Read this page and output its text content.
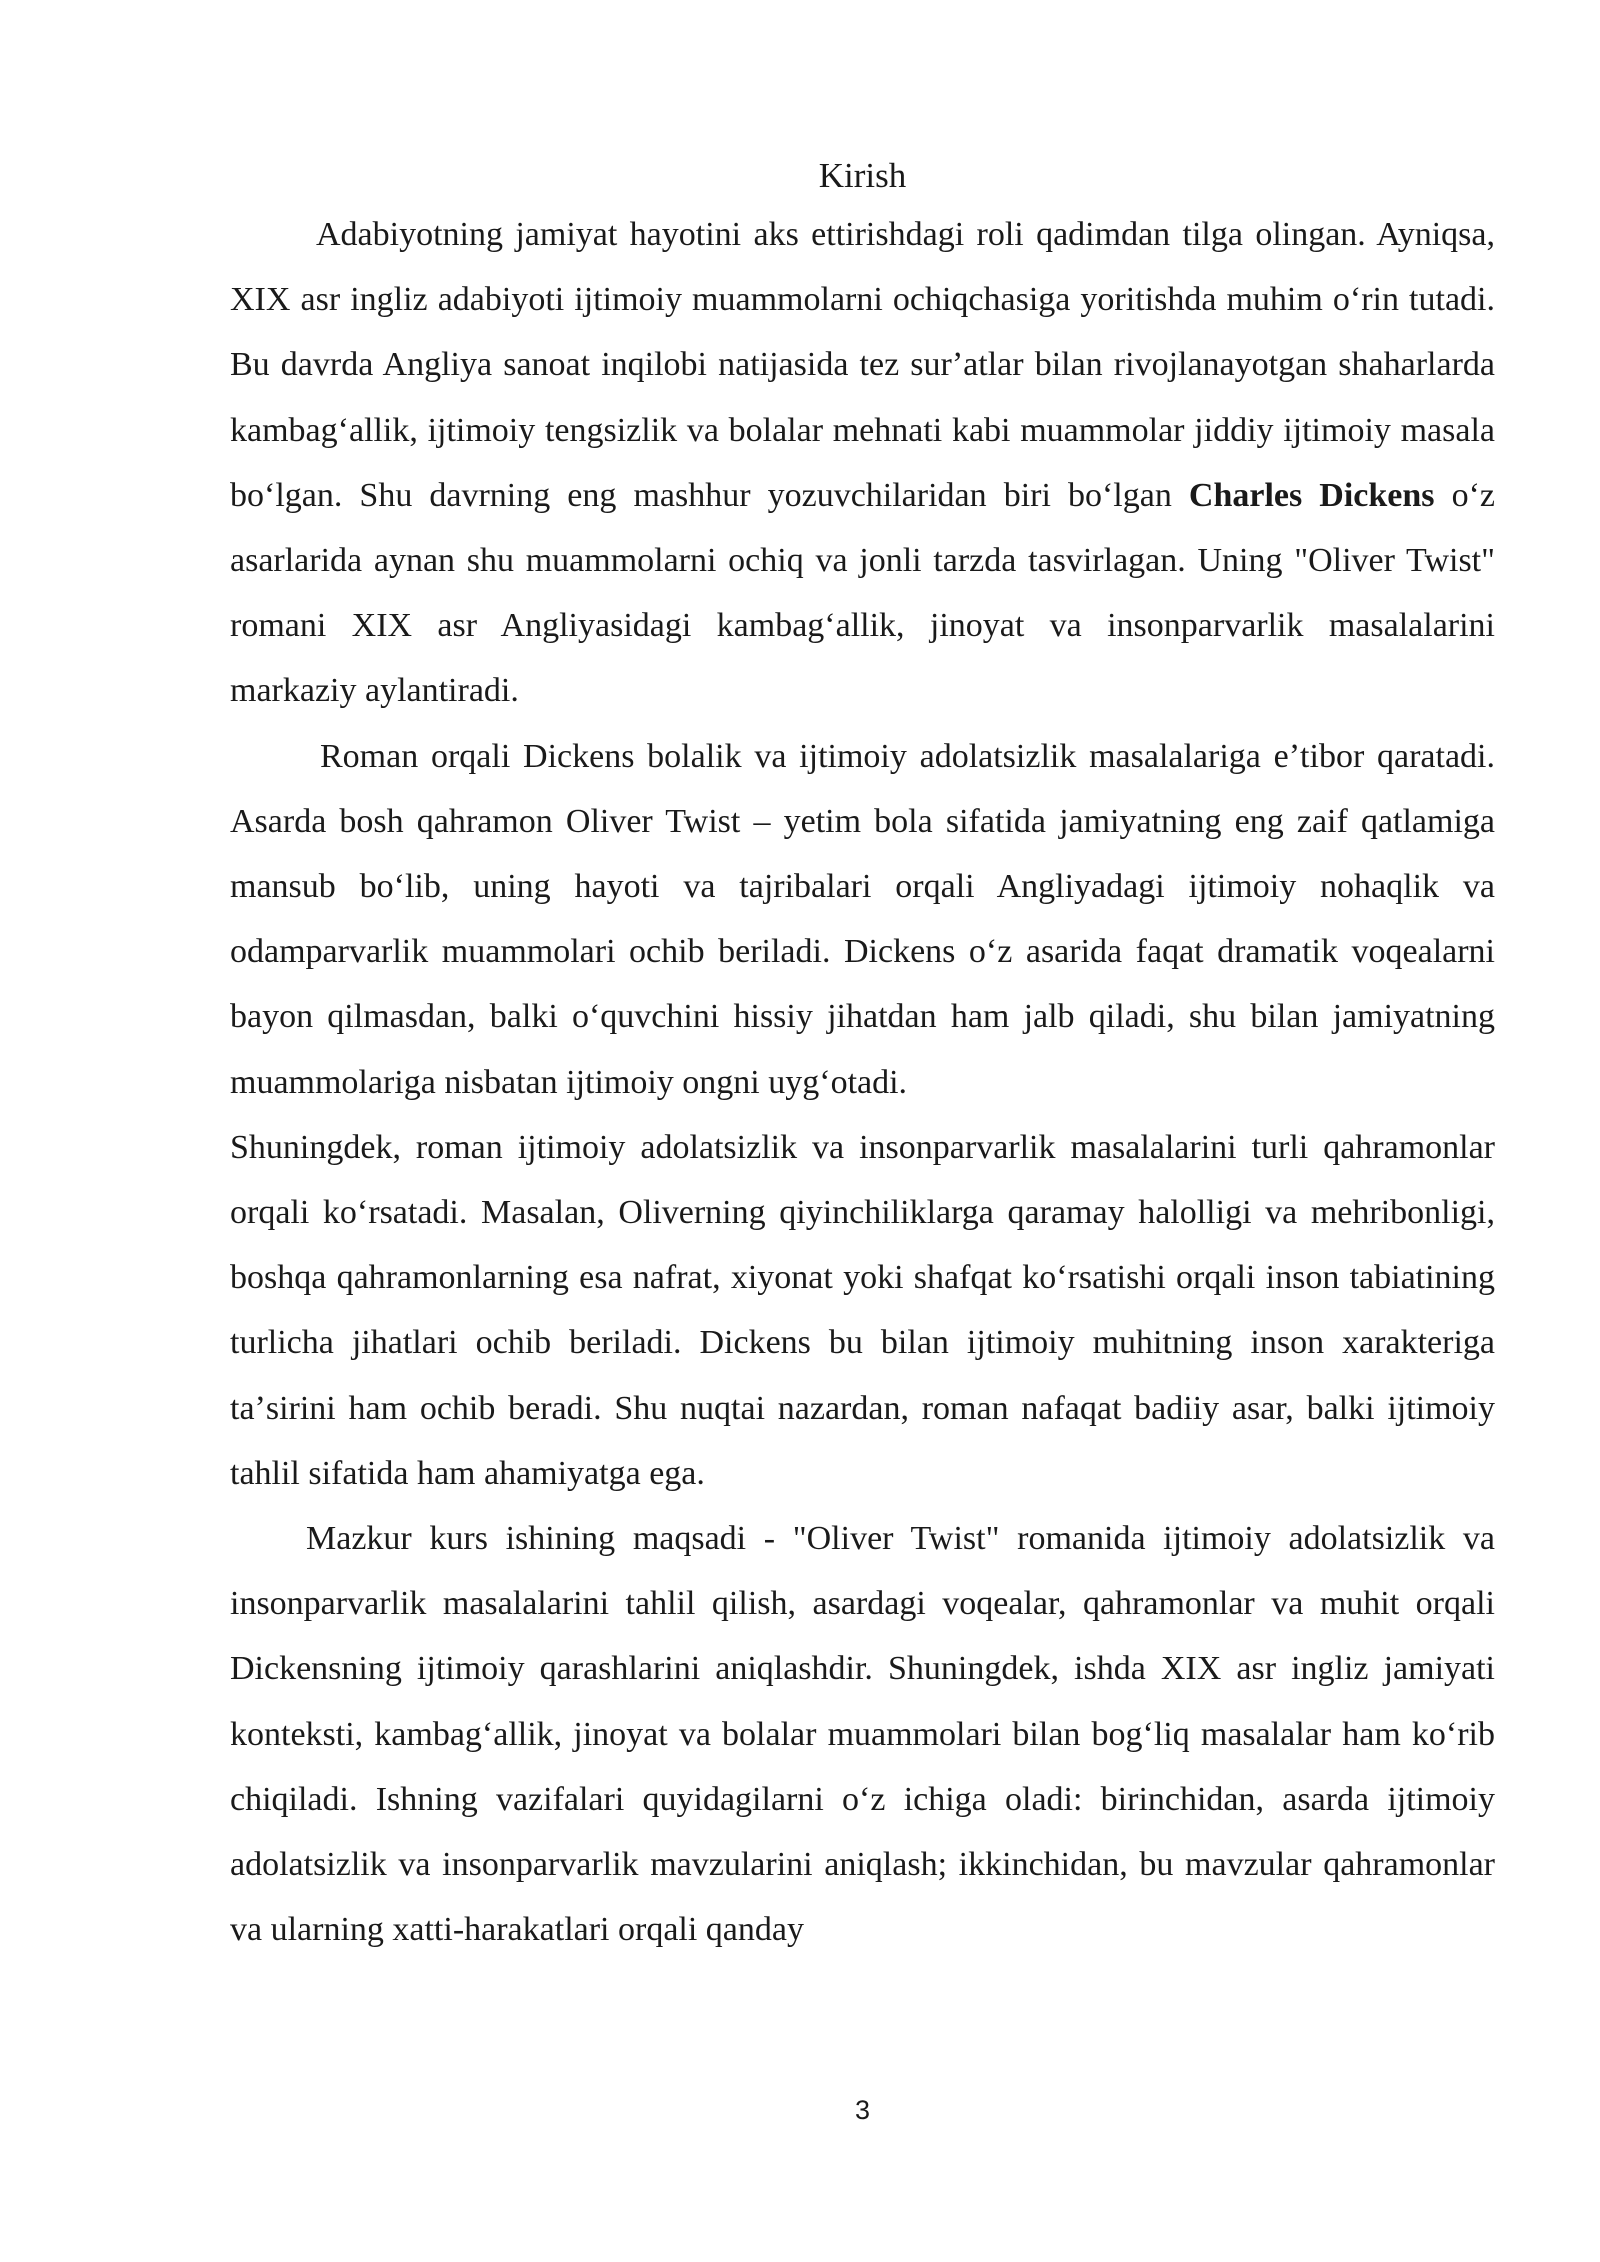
Kirish

Adabiyotning jamiyat hayotini aks ettirishdagi roli qadimdan tilga olingan. Ayniqsa, XIX asr ingliz adabiyoti ijtimoiy muammolarni ochiqchasiga yoritishda muhim oʻrin tutadi. Bu davrda Angliya sanoat inqilobi natijasida tez surʼatlar bilan rivojlanayotgan shaharlarda kambagʻallik, ijtimoiy tengsizlik va bolalar mehnati kabi muammolar jiddiy ijtimoiy masala boʻlgan. Shu davrning eng mashhur yozuvchilaridan biri boʻlgan Charles Dickens oʻz asarlarida aynan shu muammolarni ochiq va jonli tarzda tasvirlagan. Uning "Oliver Twist" romani XIX asr Angliyasidagi kambagʻallik, jinoyat va insonparvarlik masalalarini markaziy aylantiradi.

Roman orqali Dickens bolalik va ijtimoiy adolatsizlik masalalariga eʼtibor qaratadi. Asarda bosh qahramon Oliver Twist – yetim bola sifatida jamiyatning eng zaif qatlamiga mansub boʻlib, uning hayoti va tajribalari orqali Angliyadagi ijtimoiy nohaqlik va odamparvarlik muammolari ochib beriladi. Dickens oʻz asarida faqat dramatik voqealarni bayon qilmasdan, balki oʻquvchini hissiy jihatdan ham jalb qiladi, shu bilan jamiyatning muammolariga nisbatan ijtimoiy ongni uygʻotadi.

Shuningdek, roman ijtimoiy adolatsizlik va insonparvarlik masalalarini turli qahramonlar orqali koʻrsatadi. Masalan, Oliverning qiyinchiliklarga qaramay halolligi va mehribonligi, boshqa qahramonlarning esa nafrat, xiyonat yoki shafqat koʻrsatishi orqali inson tabiatining turlicha jihatlari ochib beriladi. Dickens bu bilan ijtimoiy muhitning inson xarakteriga taʼsirini ham ochib beradi. Shu nuqtai nazardan, roman nafaqat badiiy asar, balki ijtimoiy tahlil sifatida ham ahamiyatga ega.

Mazkur kurs ishining maqsadi - "Oliver Twist" romanida ijtimoiy adolatsizlik va insonparvarlik masalalarini tahlil qilish, asardagi voqealar, qahramonlar va muhit orqali Dickensning ijtimoiy qarashlarini aniqlashdir. Shuningdek, ishda XIX asr ingliz jamiyati konteksti, kambagʻallik, jinoyat va bolalar muammolari bilan bogʻliq masalalar ham koʻrib chiqiladi. Ishning vazifalari quyidagilarni oʻz ichiga oladi: birinchidan, asarda ijtimoiy adolatsizlik va insonparvarlik mavzularini aniqlash; ikkinchidan, bu mavzular qahramonlar va ularning xatti-harakatlari orqali qanday

3
